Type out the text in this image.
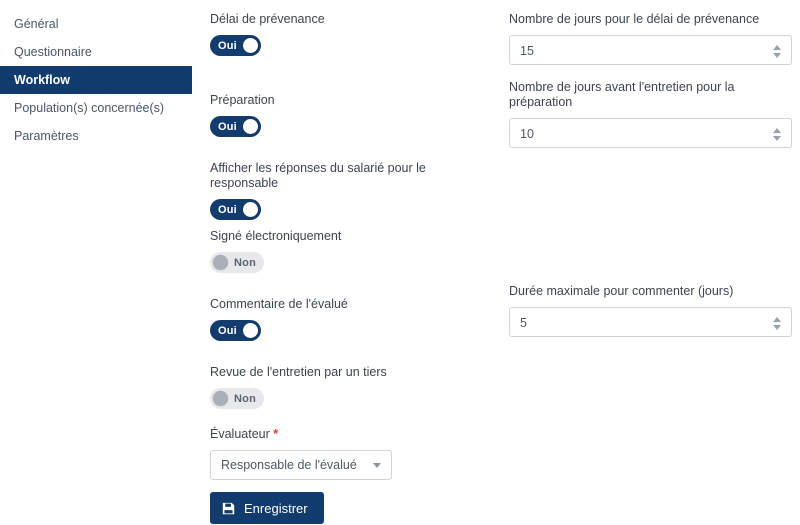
Général
Questionnaire
Workflow
Population(s) concernée(s)
Paramètres
Délai de prévenance
Oui
Préparation
Oui
Afficher les réponses du salarié pour le responsable
Oui
Signé électroniquement
Non
Commentaire de l'évalué
Oui
Revue de l'entretien par un tiers
Non
Évaluateur *
Responsable de l'évalué
Enregistrer
Nombre de jours pour le délai de prévenance
15
Nombre de jours avant l'entretien pour la préparation
10
Durée maximale pour commenter (jours)
5
